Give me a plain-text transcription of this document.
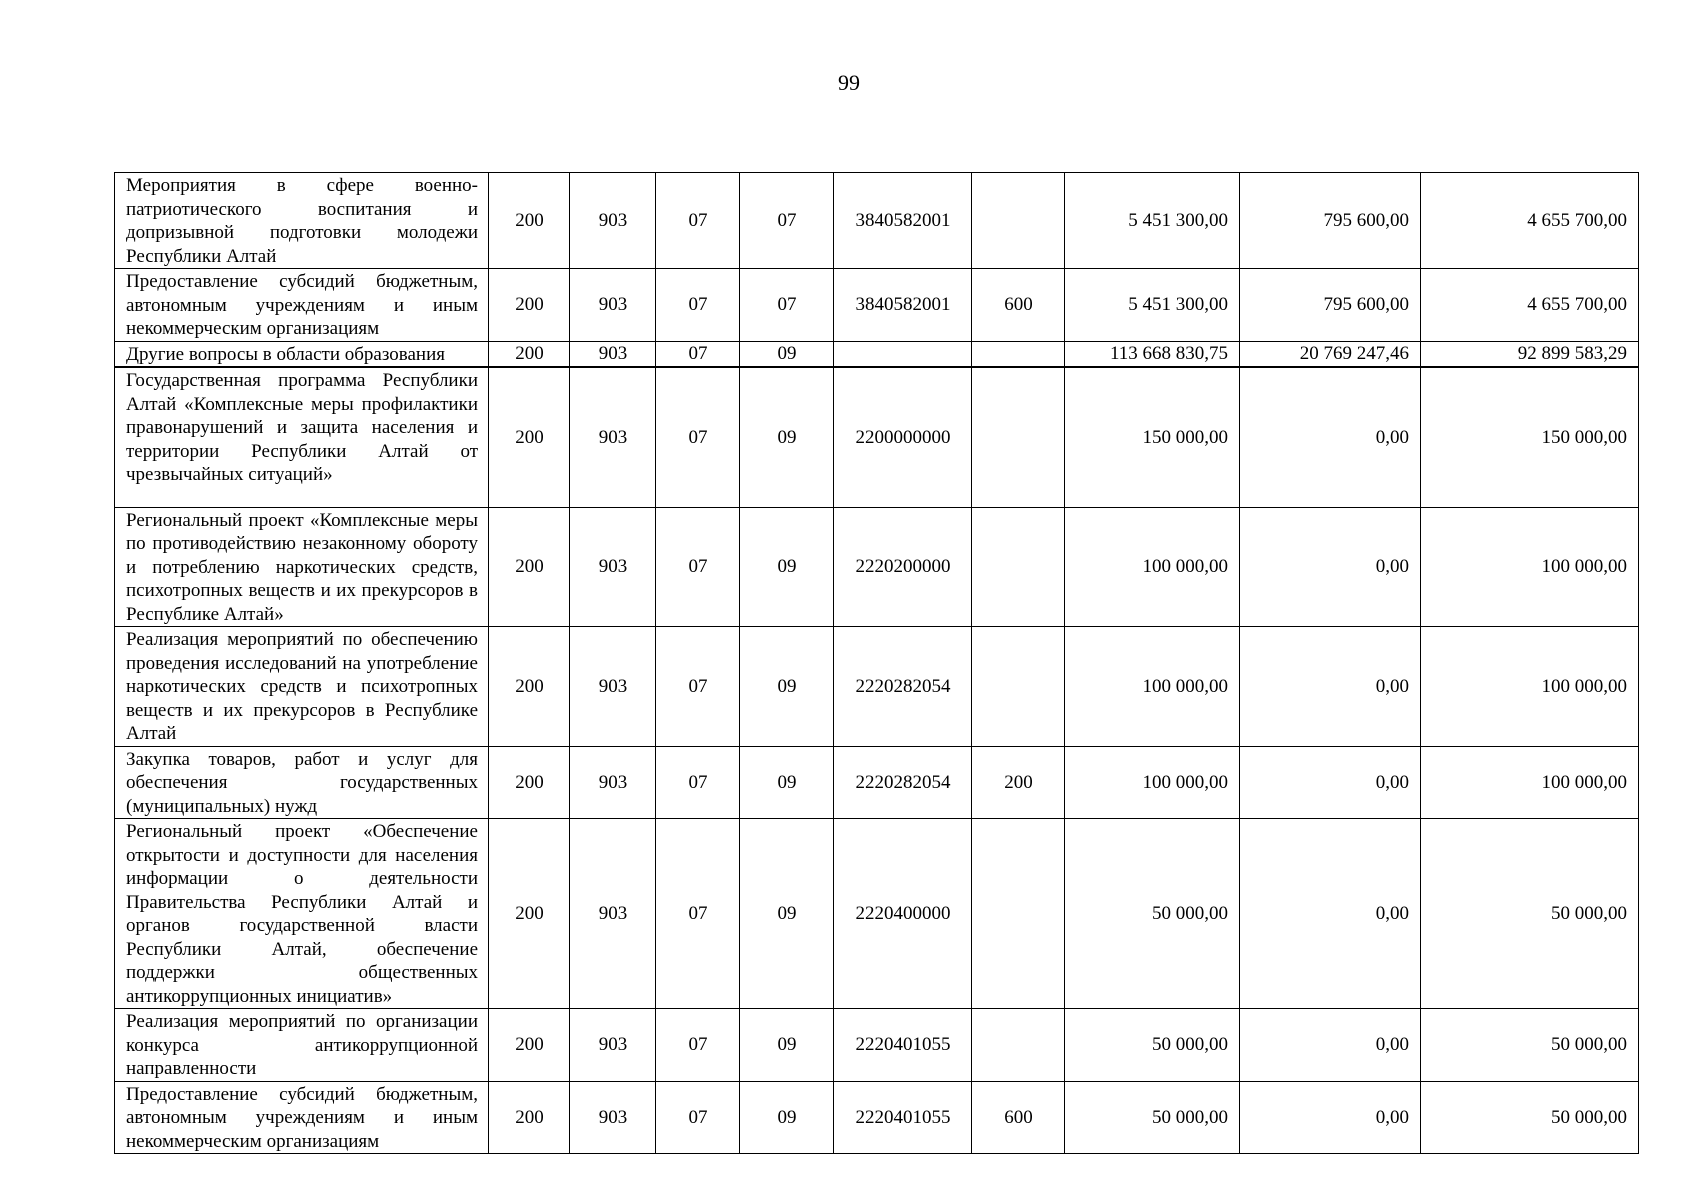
99
Мероприятия в сфере военно-патриотического воспитания и допризывной подготовки молодежи Республики Алтай	200	903	07	07	3840582001		5 451 300,00	795 600,00	4 655 700,00
Предоставление субсидий бюджетным, автономным учреждениям и иным некоммерческим организациям	200	903	07	07	3840582001	600	5 451 300,00	795 600,00	4 655 700,00
Другие вопросы в области образования	200	903	07	09			113 668 830,75	20 769 247,46	92 899 583,29
Государственная программа Республики Алтай «Комплексные меры профилактики правонарушений и защита населения и территории Республики Алтай от чрезвычайных ситуаций»	200	903	07	09	2200000000		150 000,00	0,00	150 000,00
Региональный проект «Комплексные меры по противодействию незаконному обороту и потреблению наркотических средств, психотропных веществ и их прекурсоров в Республике Алтай»	200	903	07	09	2220200000		100 000,00	0,00	100 000,00
Реализация мероприятий по обеспечению проведения исследований на употребление наркотических средств и психотропных веществ и их прекурсоров в Республике Алтай	200	903	07	09	2220282054		100 000,00	0,00	100 000,00
Закупка товаров, работ и услуг для обеспечения государственных (муниципальных) нужд	200	903	07	09	2220282054	200	100 000,00	0,00	100 000,00
Региональный проект «Обеспечение открытости и доступности для населения информации о деятельности Правительства Республики Алтай и органов государственной власти Республики Алтай, обеспечение поддержки общественных антикоррупционных инициатив»	200	903	07	09	2220400000		50 000,00	0,00	50 000,00
Реализация мероприятий по организации конкурса антикоррупционной направленности	200	903	07	09	2220401055		50 000,00	0,00	50 000,00
Предоставление субсидий бюджетным, автономным учреждениям и иным некоммерческим организациям	200	903	07	09	2220401055	600	50 000,00	0,00	50 000,00
